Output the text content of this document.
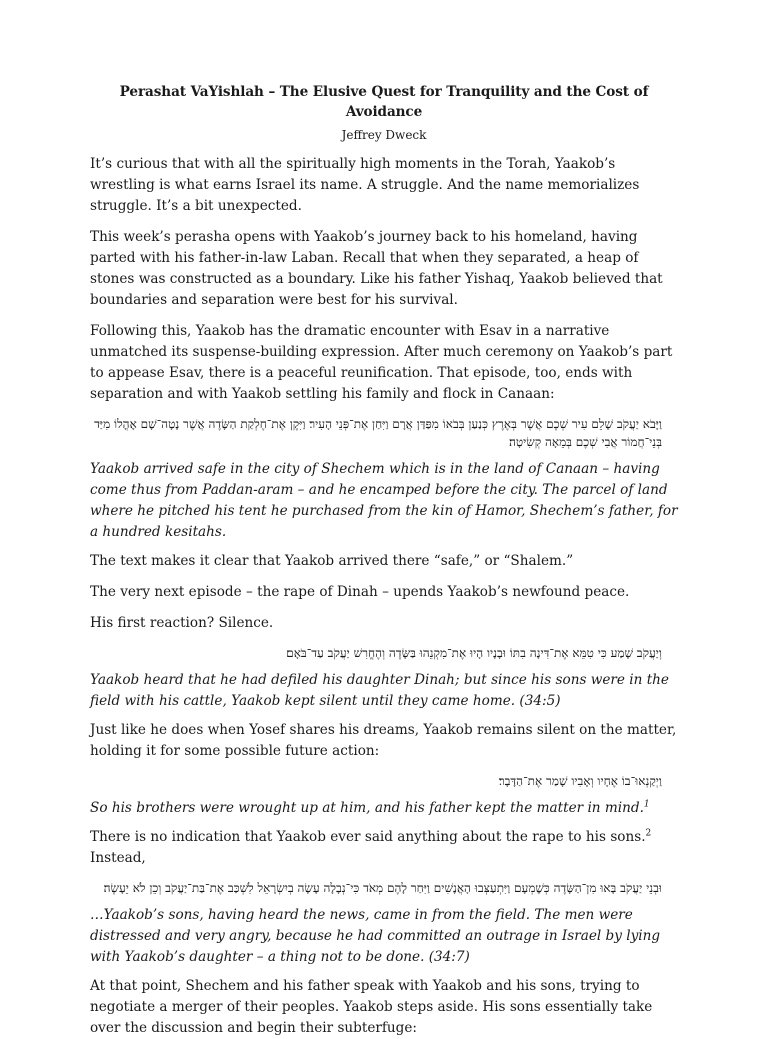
Perashat VaYishlah – The Elusive Quest for Tranquility and the Cost of Avoidance
Jeffrey Dweck
It’s curious that with all the spiritually high moments in the Torah, Yaakob’s wrestling is what earns Israel its name. A struggle. And the name memorializes struggle. It’s a bit unexpected.
This week’s perasha opens with Yaakob’s journey back to his homeland, having parted with his father-in-law Laban. Recall that when they separated, a heap of stones was constructed as a boundary. Like his father Yishaq, Yaakob believed that boundaries and separation were best for his survival.
Following this, Yaakob has the dramatic encounter with Esav in a narrative unmatched its suspense-building expression. After much ceremony on Yaakob’s part to appease Esav, there is a peaceful reunification. That episode, too, ends with separation and with Yaakob settling his family and flock in Canaan:
וַיָּבֹא יַעֲקֹב שָׁלֵם עִיר שְׁכֶם אֲשֶׁר בְּאֶרֶץ כְּנַעַן בְּבֹאוֹ מִפַּדַּן אֲרָם וַיִּחַן אֶת־פְּנֵי הָעִיר׃ וַיִּקֶן אֶת־חֶלְקַת הַשָּׂדֶה אֲשֶׁר נָטָה־שָׁם אׇהֳלוֹ מִיַּד בְּנֵי־חֲמוֹר אֲבִי שְׁכֶם בְּמֵאָה קְשִׂיטָה׃
Yaakob arrived safe in the city of Shechem which is in the land of Canaan – having come thus from Paddan-aram – and he encamped before the city. The parcel of land where he pitched his tent he purchased from the kin of Hamor, Shechem’s father, for a hundred kesitahs.
The text makes it clear that Yaakob arrived there “safe,” or “Shalem.”
The very next episode – the rape of Dinah – upends Yaakob’s newfound peace.
His first reaction? Silence.
וְיַעֲקֹב שָׁמַע כִּי טִמֵּא אֶת־דִּינָה בִתּוֹ וּבָנָיו הָיוּ אֶת־מִקְנֵהוּ בַּשָּׂדֶה וְהֶחֱרִשׁ יַעֲקֹב עַד־בֹּאָם׃
Yaakob heard that he had defiled his daughter Dinah; but since his sons were in the field with his cattle, Yaakob kept silent until they came home. (34:5)
Just like he does when Yosef shares his dreams, Yaakob remains silent on the matter, holding it for some possible future action:
וַיְקַנְאוּ־בוֹ אֶחָיו וְאָבִיו שָׁמַר אֶת־הַדָּבָר׃
So his brothers were wrought up at him, and his father kept the matter in mind.$^1$
There is no indication that Yaakob ever said anything about the rape to his sons.$^2$ Instead,
וּבְנֵי יַעֲקֹב בָּאוּ מִן־הַשָּׂדֶה כְּשׇׁמְעָם וַיִּתְעַצְּבוּ הָאֲנָשִׁים וַיִּחַר לָהֶם מְאֹד כִּי־נְבָלָה עָשָׂה בְיִשְׂרָאֵל לִשְׁכַּב אֶת־בַּת־יַעֲקֹב וְכֵן לֹא יֵעָשֶׂה׃
…Yaakob’s sons, having heard the news, came in from the field. The men were distressed and very angry, because he had committed an outrage in Israel by lying with Yaakob’s daughter – a thing not to be done. (34:7)
At that point, Shechem and his father speak with Yaakob and his sons, trying to negotiate a merger of their peoples. Yaakob steps aside. His sons essentially take over the discussion and begin their subterfuge:
